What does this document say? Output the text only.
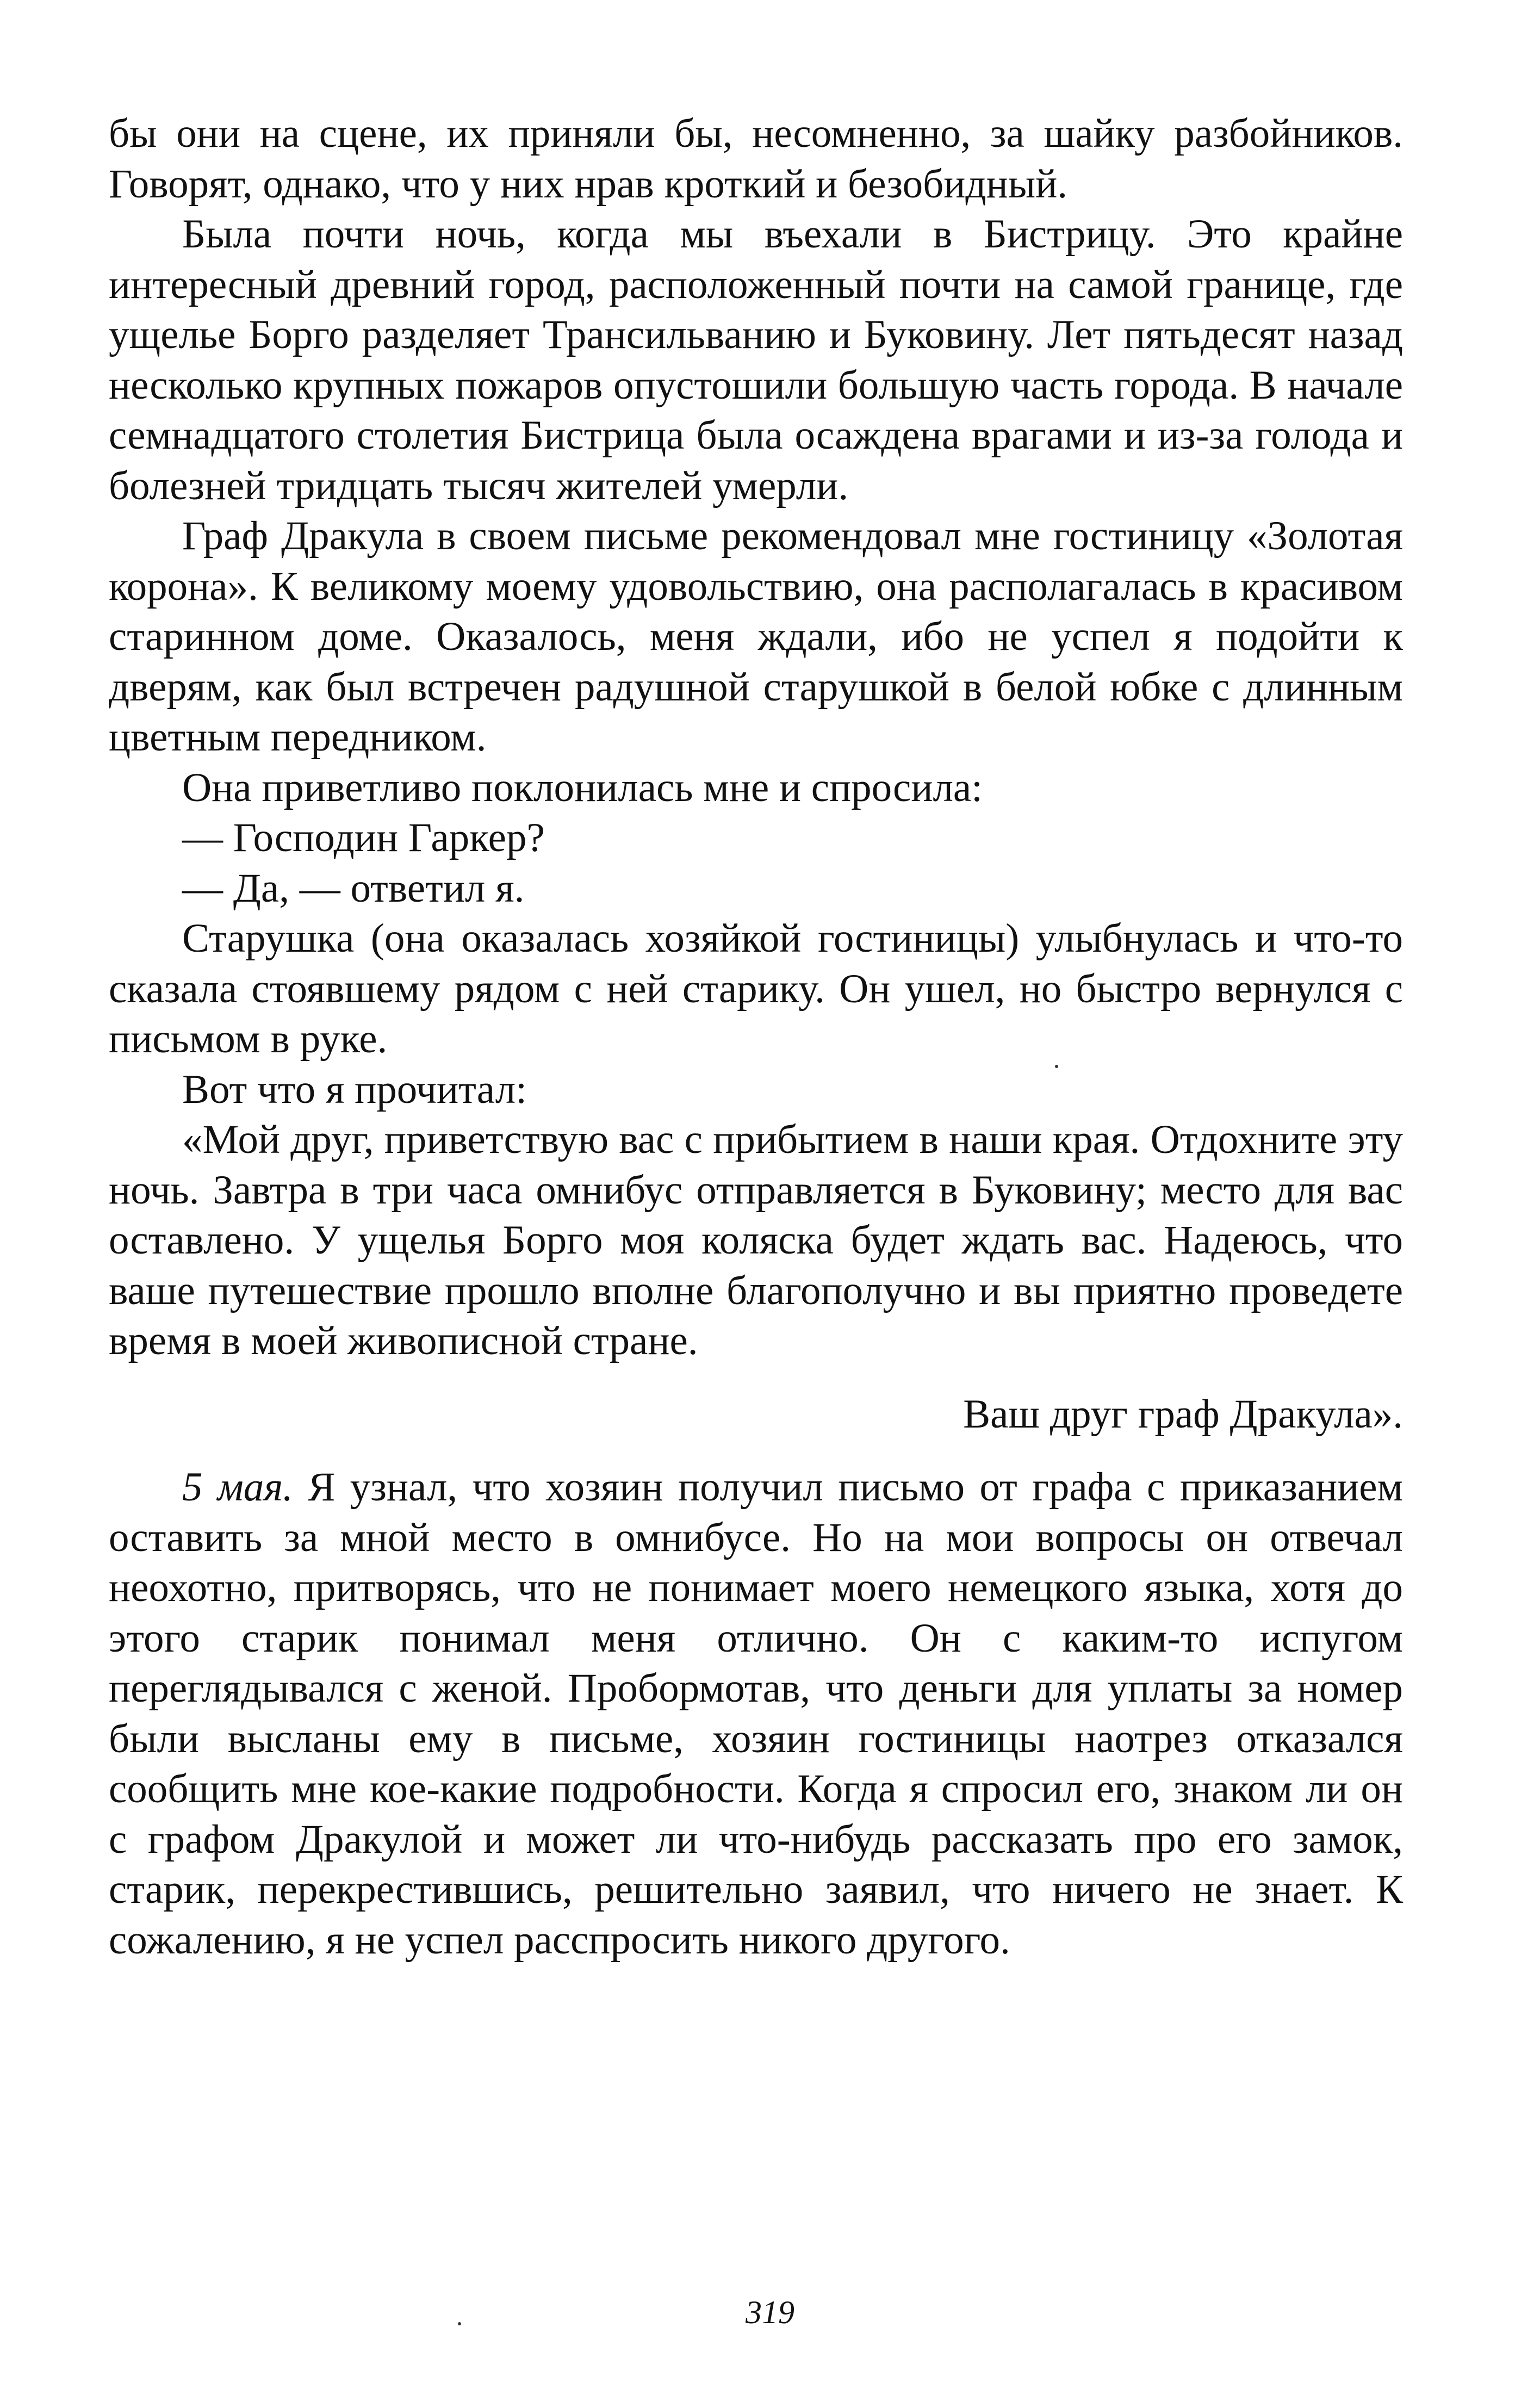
бы они на сцене, их приняли бы, несомненно, за шайку разбойников. Говорят, однако, что у них нрав кроткий и безобидный.

Была почти ночь, когда мы въехали в Бистрицу. Это крайне интересный древний город, расположенный почти на самой границе, где ущелье Борго разделяет Трансильванию и Буковину. Лет пятьдесят назад несколько крупных пожаров опустошили большую часть города. В начале семнадцатого столетия Бистрица была осаждена врагами и из-за голода и болезней тридцать тысяч жителей умерли.

Граф Дракула в своем письме рекомендовал мне гостиницу «Золотая корона». К великому моему удовольствию, она располагалась в красивом старинном доме. Оказалось, меня ждали, ибо не успел я подойти к дверям, как был встречен радушной старушкой в белой юбке с длинным цветным передником.

Она приветливо поклонилась мне и спросила:

— Господин Гаркер?

— Да, — ответил я.

Старушка (она оказалась хозяйкой гостиницы) улыбнулась и что-то сказала стоявшему рядом с ней старику. Он ушел, но быстро вернулся с письмом в руке.

Вот что я прочитал:

«Мой друг, приветствую вас с прибытием в наши края. Отдохните эту ночь. Завтра в три часа омнибус отправляется в Буковину; место для вас оставлено. У ущелья Борго моя коляска будет ждать вас. Надеюсь, что ваше путешествие прошло вполне благополучно и вы приятно проведете время в моей живописной стране.

Ваш друг граф Дракула».

5 мая. Я узнал, что хозяин получил письмо от графа с приказанием оставить за мной место в омнибусе. Но на мои вопросы он отвечал неохотно, притворясь, что не понимает моего немецкого языка, хотя до этого старик понимал меня отлично. Он с каким-то испугом переглядывался с женой. Пробормотав, что деньги для уплаты за номер были высланы ему в письме, хозяин гостиницы наотрез отказался сообщить мне кое-какие подробности. Когда я спросил его, знаком ли он с графом Дракулой и может ли что-нибудь рассказать про его замок, старик, перекрестившись, решительно заявил, что ничего не знает. К сожалению, я не успел расспросить никого другого.

319
